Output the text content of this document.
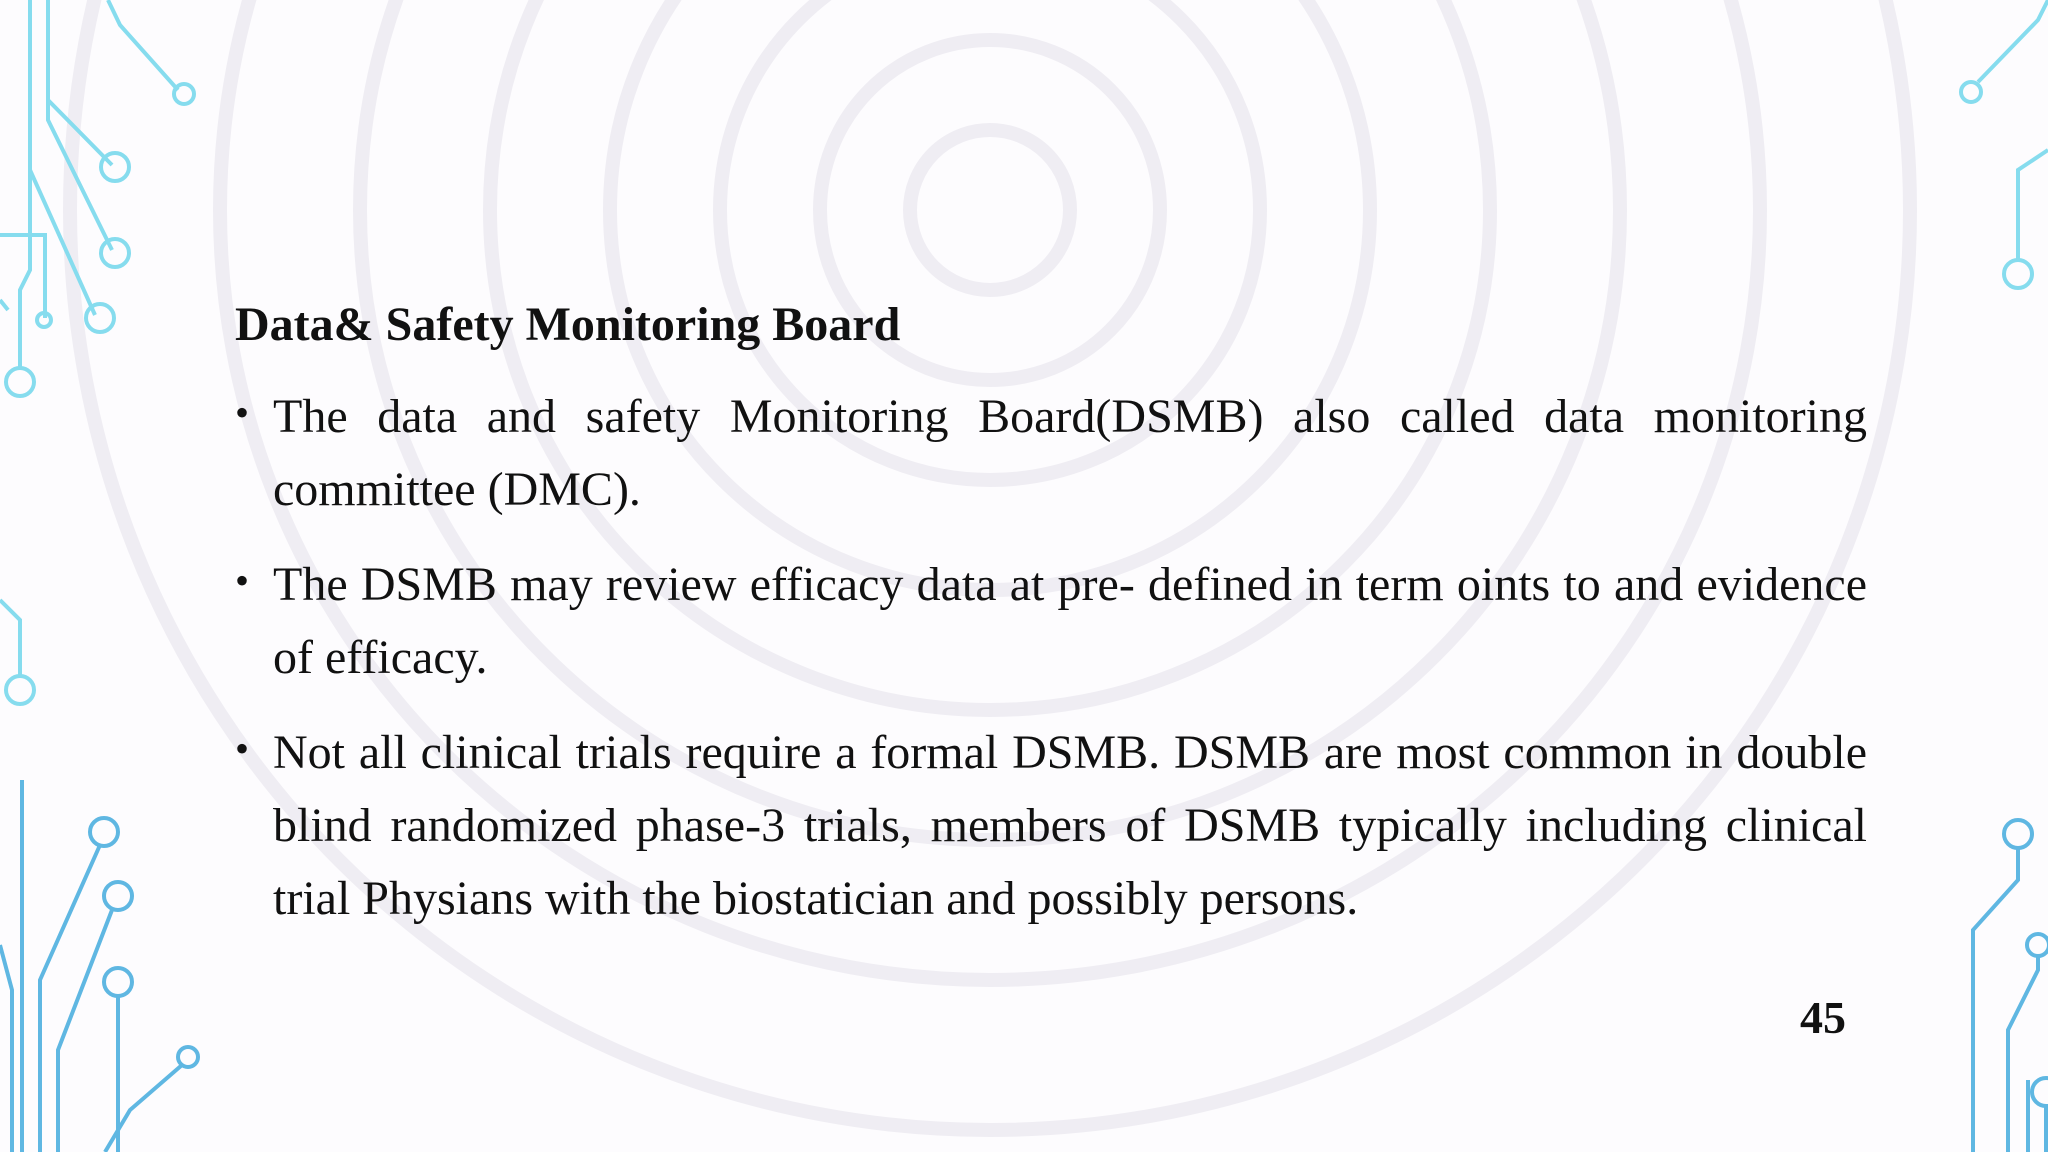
Data& Safety Monitoring Board
• The data and safety Monitoring Board(DSMB) also called data monitoring committee (DMC).
• The DSMB may review efficacy data at pre- defined in term oints to and evidence of efficacy.
• Not all clinical trials require a formal DSMB. DSMB are most common in double blind randomized phase-3 trials, members of DSMB typically including clinical trial Physians with the biostatician and possibly persons.
45
